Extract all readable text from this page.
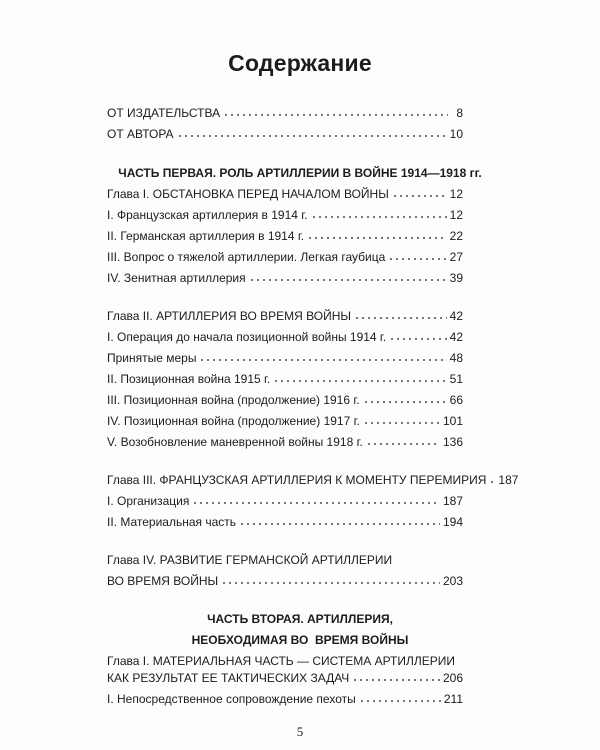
Содержание
ОТ ИЗДАТЕЛЬСТВА	8
ОТ АВТОРА	10
ЧАСТЬ ПЕРВАЯ. РОЛЬ АРТИЛЛЕРИИ В ВОЙНЕ 1914—1918 гг.
Глава I. ОБСТАНОВКА ПЕРЕД НАЧАЛОМ ВОЙНЫ	12
I. Французская артиллерия в 1914 г.	12
II. Германская артиллерия в 1914 г.	22
III. Вопрос о тяжелой артиллерии. Легкая гаубица	27
IV. Зенитная артиллерия	39
Глава II. АРТИЛЛЕРИЯ ВО ВРЕМЯ ВОЙНЫ	42
I. Операция до начала позиционной войны 1914 г.	42
Принятые меры	48
II. Позиционная война 1915 г.	51
III. Позиционная война (продолжение) 1916 г.	66
IV. Позиционная война (продолжение) 1917 г.	101
V. Возобновление маневренной войны 1918 г.	136
Глава III. ФРАНЦУЗСКАЯ АРТИЛЛЕРИЯ К МОМЕНТУ ПЕРЕМИРИЯ 187
I. Организация	187
II. Материальная часть	194
Глава IV. РАЗВИТИЕ ГЕРМАНСКОЙ АРТИЛЛЕРИИ
ВО ВРЕМЯ ВОЙНЫ	203
ЧАСТЬ ВТОРАЯ. АРТИЛЛЕРИЯ,
НЕОБХОДИМАЯ ВО  ВРЕМЯ ВОЙНЫ
Глава I. МАТЕРИАЛЬНАЯ ЧАСТЬ — СИСТЕМА АРТИЛЛЕРИИ
КАК РЕЗУЛЬТАТ ЕЕ ТАКТИЧЕСКИХ ЗАДАЧ	206
I. Непосредственное сопровождение пехоты	211
5
